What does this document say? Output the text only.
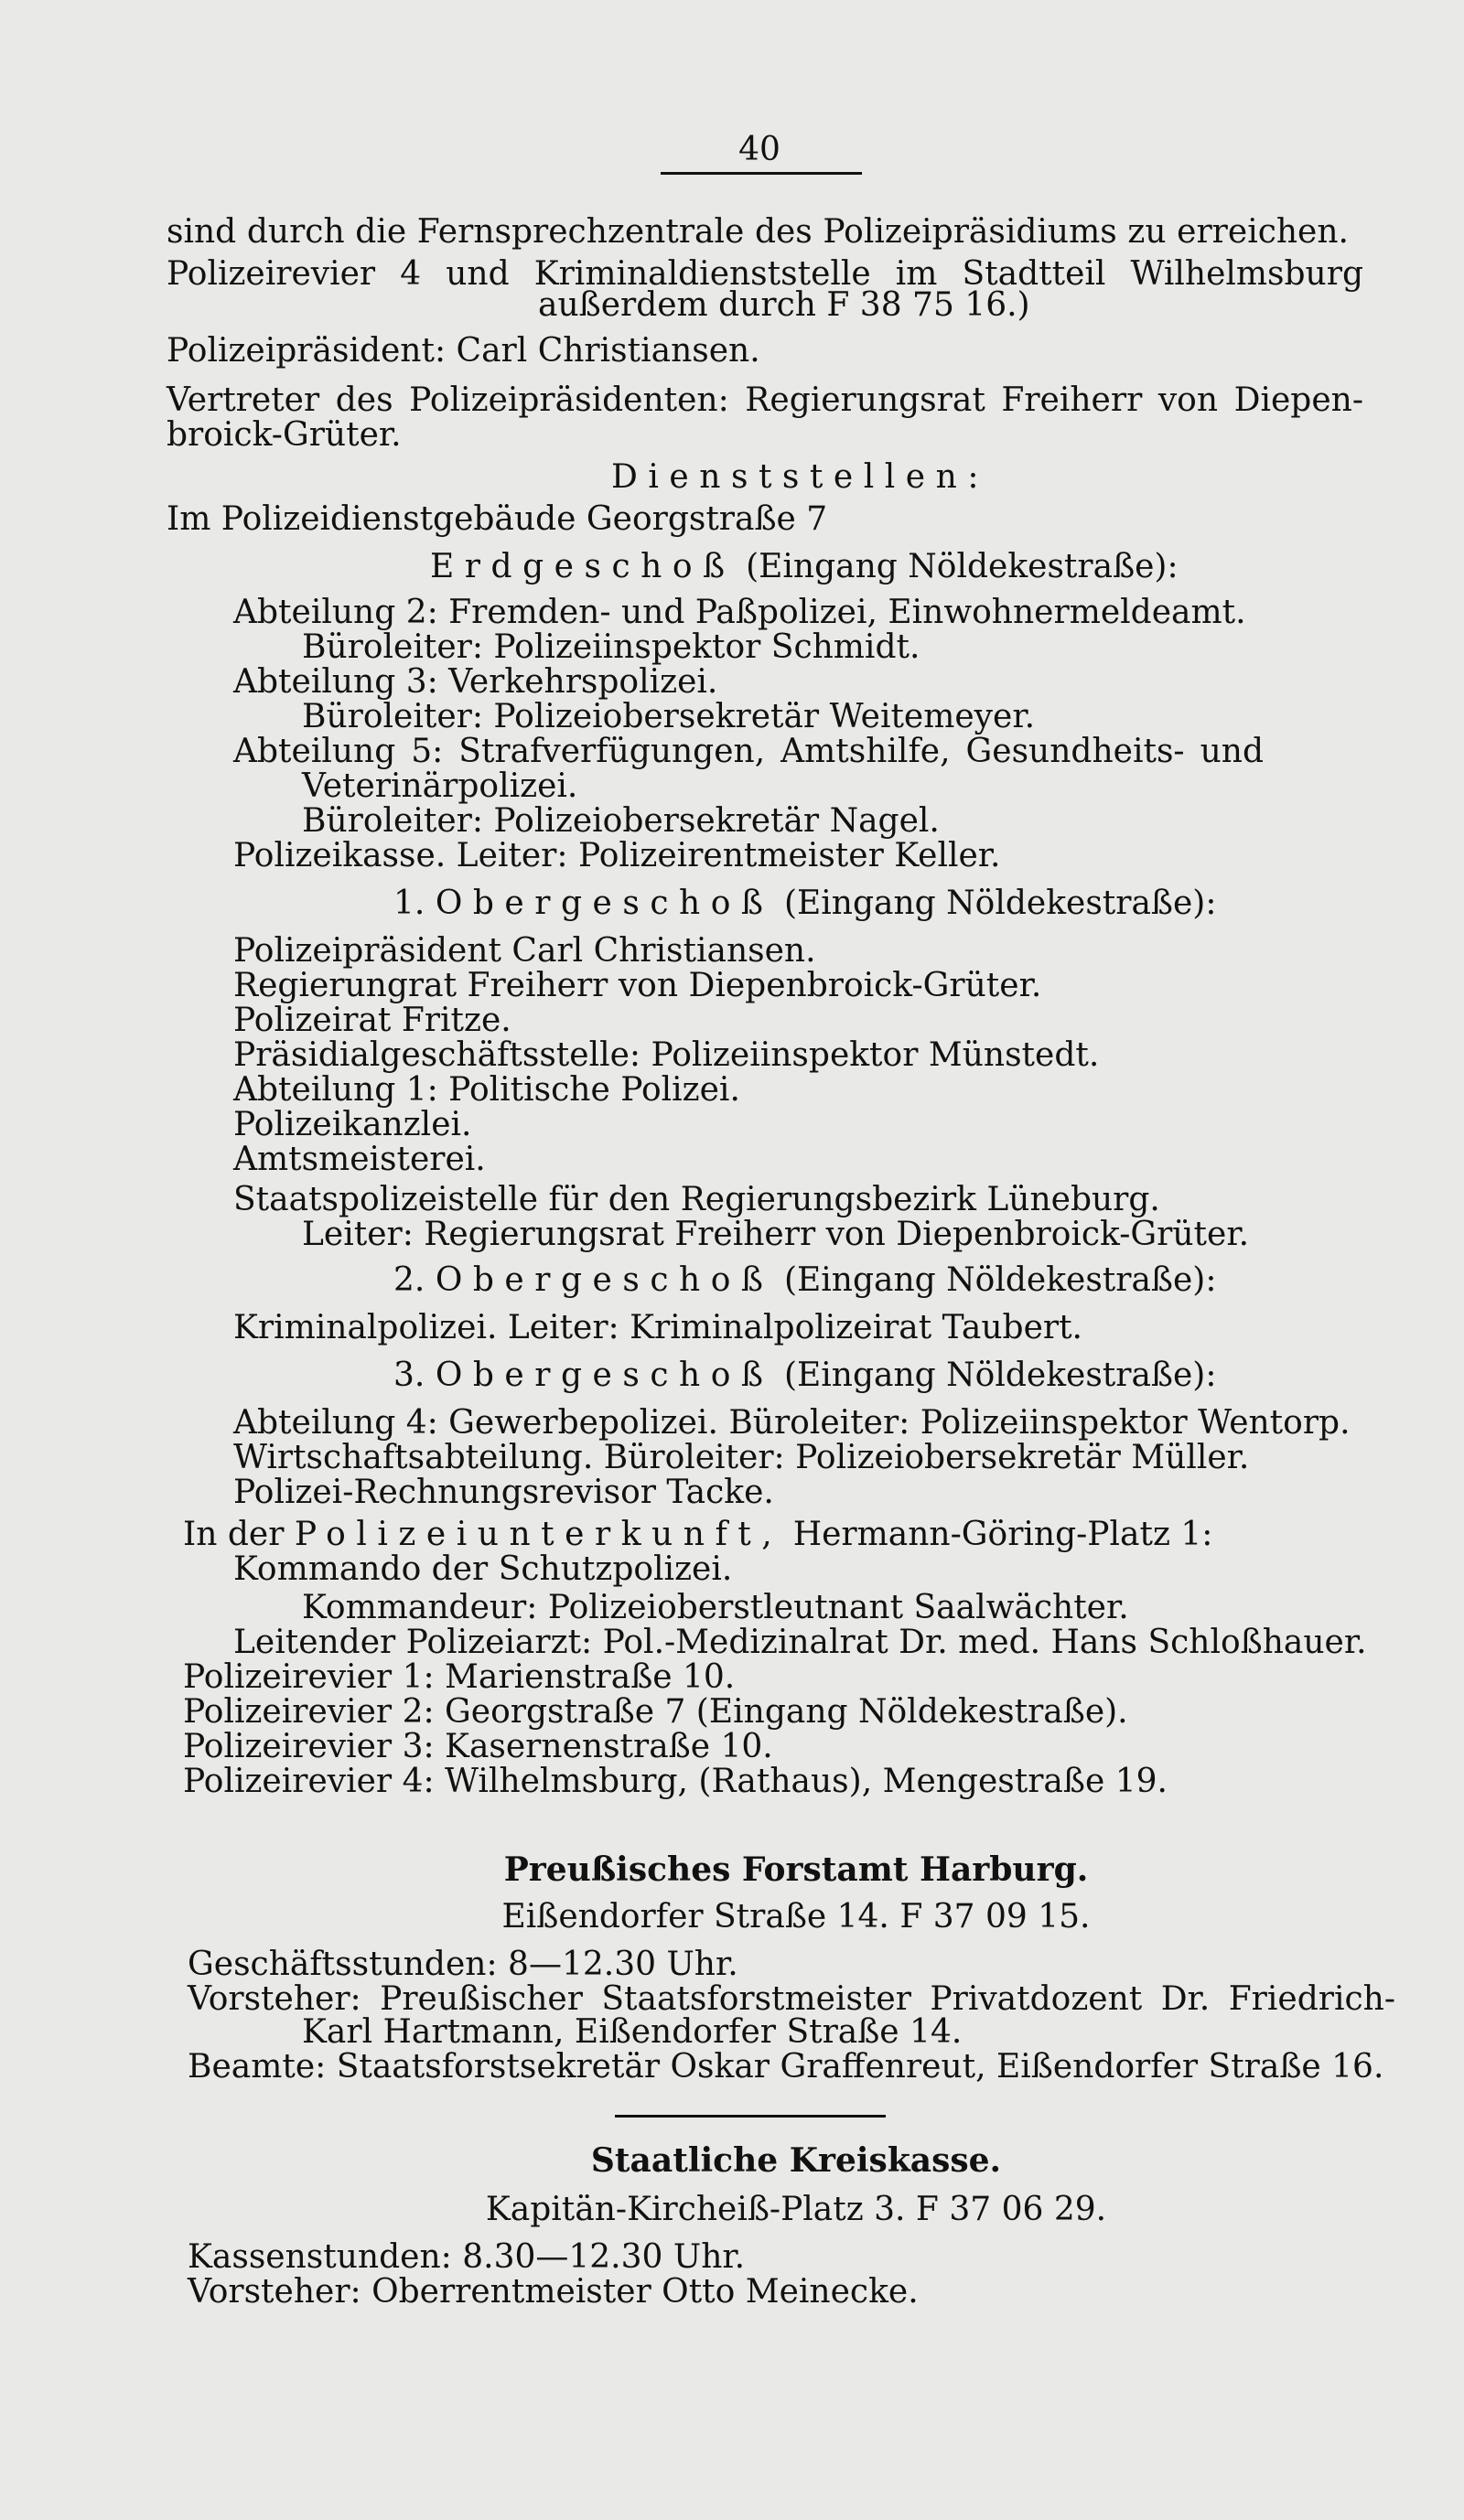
40
sind durch die Fernsprechzentrale des Polizeipräsidiums zu erreichen.
Polizeirevier 4 und Kriminaldienststelle im Stadtteil Wilhelmsburg
außerdem durch F 38 75 16.)
Polizeipräsident: Carl Christiansen.
Vertreter des Polizeipräsidenten: Regierungsrat Freiherr von Diepen-
broick-Grüter.
Dienststellen:
Im Polizeidienstgebäude Georgstraße 7
Erdgeschoß (Eingang Nöldekestraße):
Abteilung 2: Fremden- und Paßpolizei, Einwohnermeldeamt.
Büroleiter: Polizeiinspektor Schmidt.
Abteilung 3: Verkehrspolizei.
Büroleiter: Polizeiobersekretär Weitemeyer.
Abteilung 5: Strafverfügungen, Amtshilfe, Gesundheits- und
Veterinärpolizei.
Büroleiter: Polizeiobersekretär Nagel.
Polizeikasse. Leiter: Polizeirentmeister Keller.
1. Obergeschoß (Eingang Nöldekestraße):
Polizeipräsident Carl Christiansen.
Regierungrat Freiherr von Diepenbroick-Grüter.
Polizeirat Fritze.
Präsidialgeschäftsstelle: Polizeiinspektor Münstedt.
Abteilung 1: Politische Polizei.
Polizeikanzlei.
Amtsmeisterei.
Staatspolizeistelle für den Regierungsbezirk Lüneburg.
Leiter: Regierungsrat Freiherr von Diepenbroick-Grüter.
2. Obergeschoß (Eingang Nöldekestraße):
Kriminalpolizei. Leiter: Kriminalpolizeirat Taubert.
3. Obergeschoß (Eingang Nöldekestraße):
Abteilung 4: Gewerbepolizei. Büroleiter: Polizeiinspektor Wentorp.
Wirtschaftsabteilung. Büroleiter: Polizeiobersekretär Müller.
Polizei-Rechnungsrevisor Tacke.
In der Polizeiunterkunft, Hermann-Göring-Platz 1:
Kommando der Schutzpolizei.
Kommandeur: Polizeioberstleutnant Saalwächter.
Leitender Polizeiarzt: Pol.-Medizinalrat Dr. med. Hans Schloßhauer.
Polizeirevier 1: Marienstraße 10.
Polizeirevier 2: Georgstraße 7 (Eingang Nöldekestraße).
Polizeirevier 3: Kasernenstraße 10.
Polizeirevier 4: Wilhelmsburg, (Rathaus), Mengestraße 19.
Preußisches Forstamt Harburg.
Eißendorfer Straße 14. F 37 09 15.
Geschäftsstunden: 8—12.30 Uhr.
Vorsteher: Preußischer Staatsforstmeister Privatdozent Dr. Friedrich-
Karl Hartmann, Eißendorfer Straße 14.
Beamte: Staatsforstsekretär Oskar Graffenreut, Eißendorfer Straße 16.
Staatliche Kreiskasse.
Kapitän-Kircheiß-Platz 3. F 37 06 29.
Kassenstunden: 8.30—12.30 Uhr.
Vorsteher: Oberrentmeister Otto Meinecke.
